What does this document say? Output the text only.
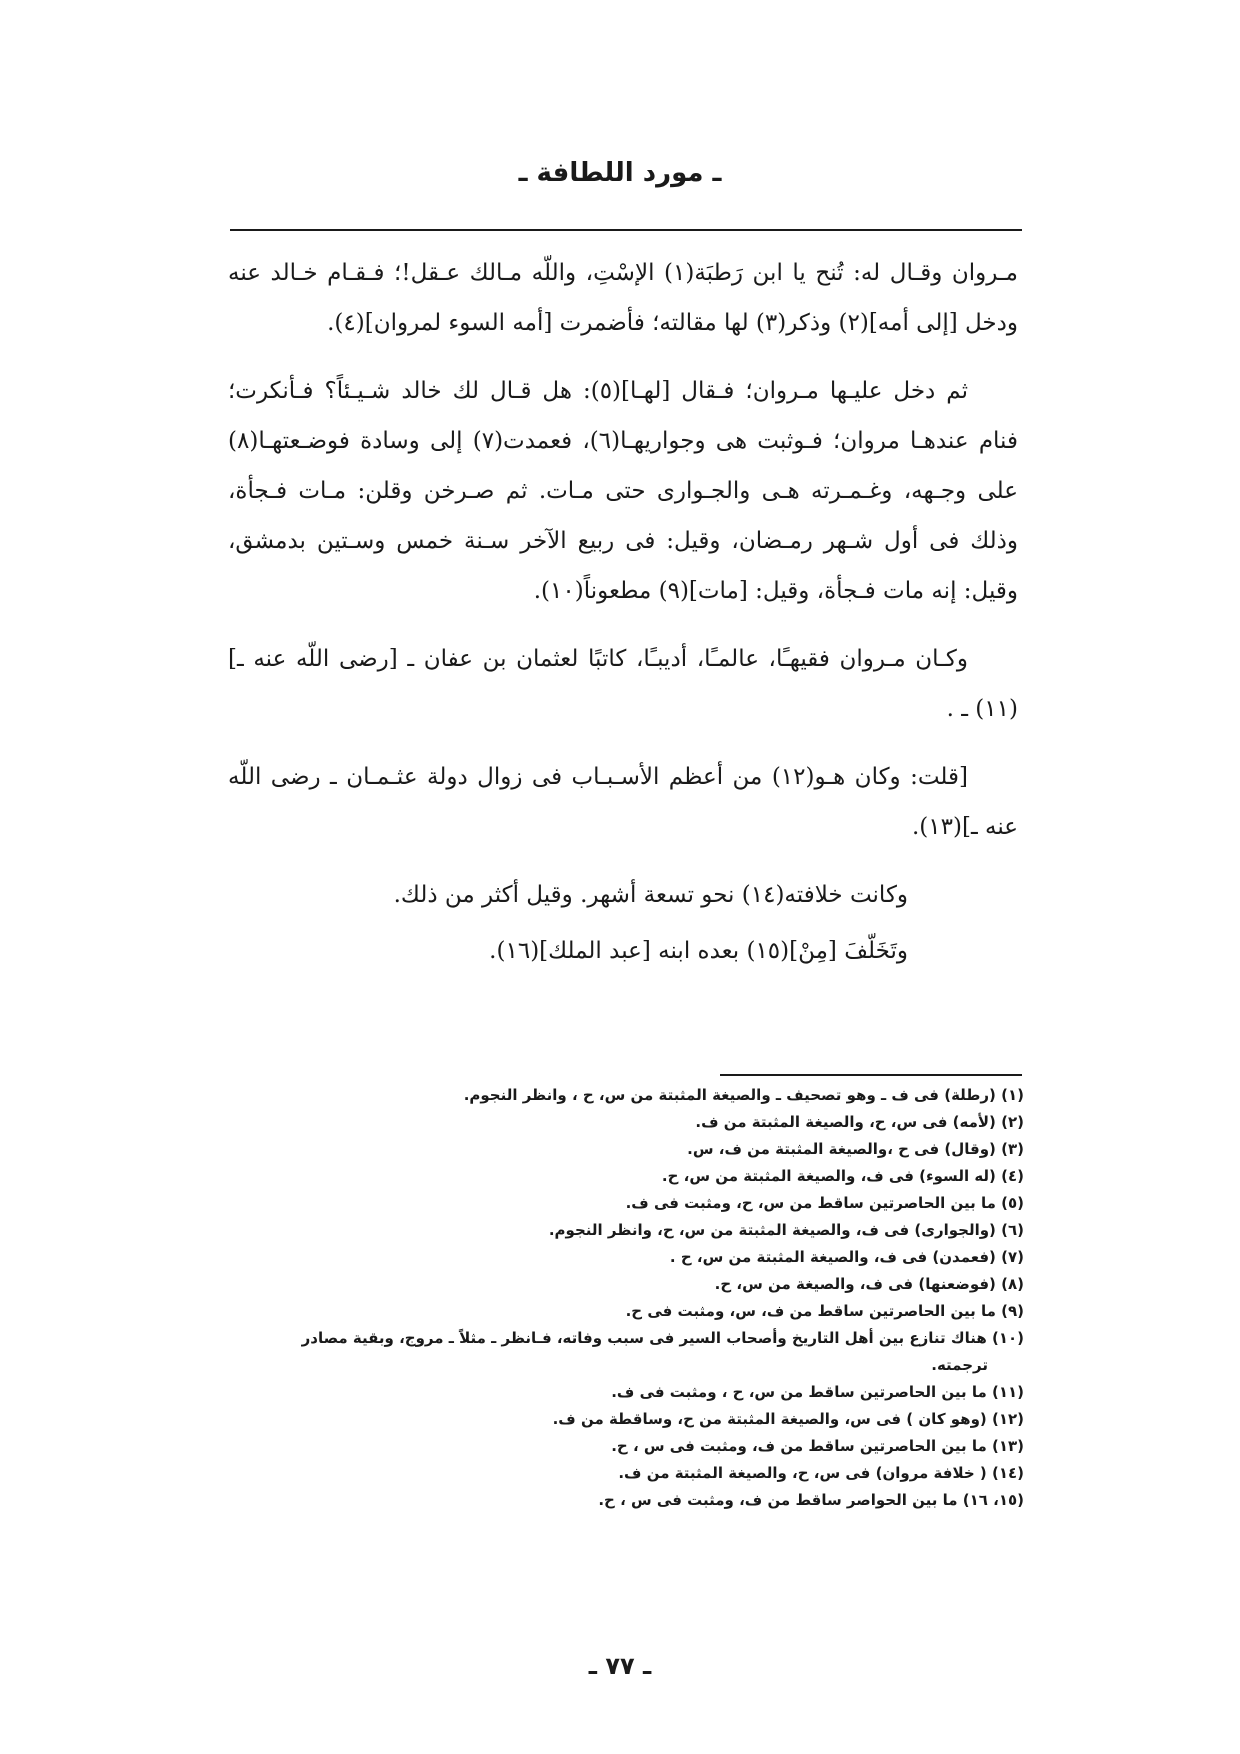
ـ مورد اللطافة ـ

مـروان وقـال له: تُنح يا ابن رَطبَة(١) الإسْتِ، واللّه مـالك عـقل!؛ فـقـام خـالد عنه ودخل [إلى أمه](٢) وذكر(٣) لها مقالته؛ فأضمرت [أمه السوء لمروان](٤).

ثم دخل عليـها مـروان؛ فـقال [لهـا](٥): هل قـال لك خالد شـيـئاً؟ فـأنكرت؛ فنام عندهـا مروان؛ فـوثبت هى وجواريهـا(٦)، فعمدت(٧) إلى وسادة فوضـعتهـا(٨) على وجـهه، وغـمـرته هـى والجـوارى حتى مـات. ثم صـرخن وقلن: مـات فـجأة، وذلك فى أول شـهر رمـضان، وقيل: فى ربيع الآخر سـنة خمس وسـتين بدمشق، وقيل: إنه مات فـجأة، وقيل: [مات](٩) مطعوناً(١٠).

وكـان مـروان فقيهـًا، عالمـًا، أديبـًا، كاتبًا لعثمان بن عفان ـ [رضى اللّه عنه ـ](١١) ـ .

[قلت: وكان هـو(١٢) من أعظم الأسـبـاب فى زوال دولة عثـمـان ـ رضى اللّه عنه ـ](١٣).

وكانت خلافته(١٤) نحو تسعة أشهر. وقيل أكثر من ذلك.

وتَخَلّفَ [مِنْ](١٥) بعده ابنه [عبد الملك](١٦).

(١) (رطلة) فى ف ـ وهو تصحيف ـ والصيغة المثبتة من س، ح ، وانظر النجوم.

(٢) (لأمه) فى س، ح، والصيغة المثبتة من ف.

(٣) (وقال) فى ح ،والصيغة المثبتة من ف، س.

(٤) (له السوء) فى ف، والصيغة المثبتة من س، ح.

(٥) ما بين الحاصرتين ساقط من س، ح، ومثبت فى ف.

(٦) (والجوارى) فى ف، والصيغة المثبتة من س، ح، وانظر النجوم.

(٧) (فعمدن) فى ف، والصيغة المثبتة من س، ح .

(٨) (فوضعنها) فى ف، والصيغة من س، ح.

(٩) ما بين الحاصرتين ساقط من ف، س، ومثبت فى ح.

(١٠) هناك تنازع بين أهل التاريخ وأصحاب السير فى سبب وفاته، فـانظر ـ مثلاً ـ مروج، وبقية مصادر ترجمته.

(١١) ما بين الحاصرتين ساقط من س، ح ، ومثبت فى ف.

(١٢) (وهو كان ) فى س، والصيغة المثبتة من ح، وساقطة من ف.

(١٣) ما بين الحاصرتين ساقط من ف، ومثبت فى س ، ح.

(١٤) ( خلافة مروان) فى س، ح، والصيغة المثبتة من ف.

(١٥، ١٦) ما بين الحواصر ساقط من ف، ومثبت فى س ، ح.

ـ ٧٧ ـ
